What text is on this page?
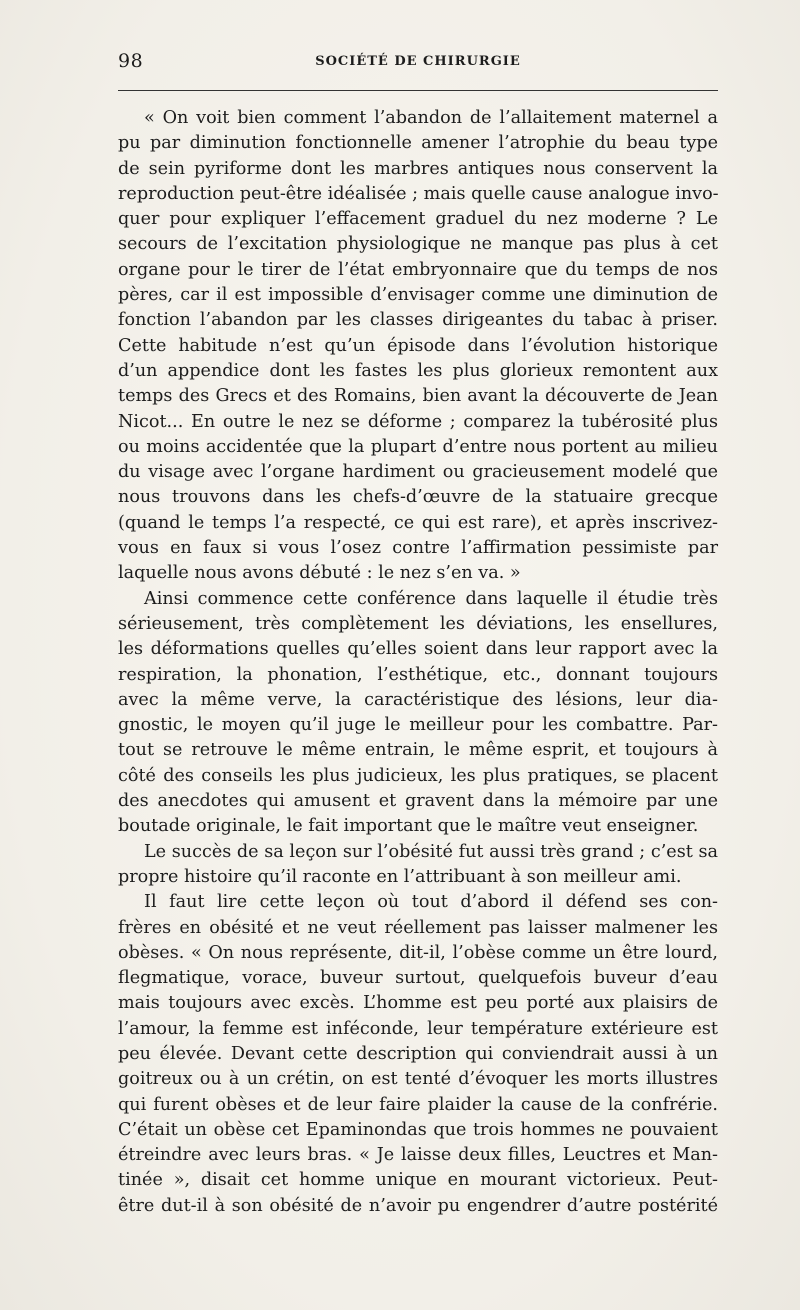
98	SOCIÉTÉ DE CHIRURGIE
« On voit bien comment l’abandon de l’allaitement maternel a
pu par diminution fonctionnelle amener l’atrophie du beau type
de sein pyriforme dont les marbres antiques nous conservent la
reproduction peut-être idéalisée ; mais quelle cause analogue invo-
quer pour expliquer l’effacement graduel du nez moderne ? Le
secours de l’excitation physiologique ne manque pas plus à cet
organe pour le tirer de l’état embryonnaire que du temps de nos
pères, car il est impossible d’envisager comme une diminution de
fonction l’abandon par les classes dirigeantes du tabac à priser.
Cette habitude n’est qu’un épisode dans l’évolution historique
d’un appendice dont les fastes les plus glorieux remontent aux
temps des Grecs et des Romains, bien avant la découverte de Jean
Nicot... En outre le nez se déforme ; comparez la tubérosité plus
ou moins accidentée que la plupart d’entre nous portent au milieu
du visage avec l’organe hardiment ou gracieusement modelé que
nous trouvons dans les chefs-d’œuvre de la statuaire grecque
(quand le temps l’a respecté, ce qui est rare), et après inscrivez-
vous en faux si vous l’osez contre l’affirmation pessimiste par
laquelle nous avons débuté : le nez s’en va. »
Ainsi commence cette conférence dans laquelle il étudie très
sérieusement, très complètement les déviations, les ensellures,
les déformations quelles qu’elles soient dans leur rapport avec la
respiration, la phonation, l’esthétique, etc., donnant toujours
avec la même verve, la caractéristique des lésions, leur dia-
gnostic, le moyen qu’il juge le meilleur pour les combattre. Par-
tout se retrouve le même entrain, le même esprit, et toujours à
côté des conseils les plus judicieux, les plus pratiques, se placent
des anecdotes qui amusent et gravent dans la mémoire par une
boutade originale, le fait important que le maître veut enseigner.
Le succès de sa leçon sur l’obésité fut aussi très grand ; c’est sa
propre histoire qu’il raconte en l’attribuant à son meilleur ami.
Il faut lire cette leçon où tout d’abord il défend ses con-
frères en obésité et ne veut réellement pas laisser malmener les
obèses. « On nous représente, dit-il, l’obèse comme un être lourd,
flegmatique, vorace, buveur surtout, quelquefois buveur d’eau
mais toujours avec excès. L’homme est peu porté aux plaisirs de
l’amour, la femme est inféconde, leur température extérieure est
peu élevée. Devant cette description qui conviendrait aussi à un
goitreux ou à un crétin, on est tenté d’évoquer les morts illustres
qui furent obèses et de leur faire plaider la cause de la confrérie.
C’était un obèse cet Epaminondas que trois hommes ne pouvaient
étreindre avec leurs bras. « Je laisse deux filles, Leuctres et Man-
tinée », disait cet homme unique en mourant victorieux. Peut-
être dut-il à son obésité de n’avoir pu engendrer d’autre postérité
